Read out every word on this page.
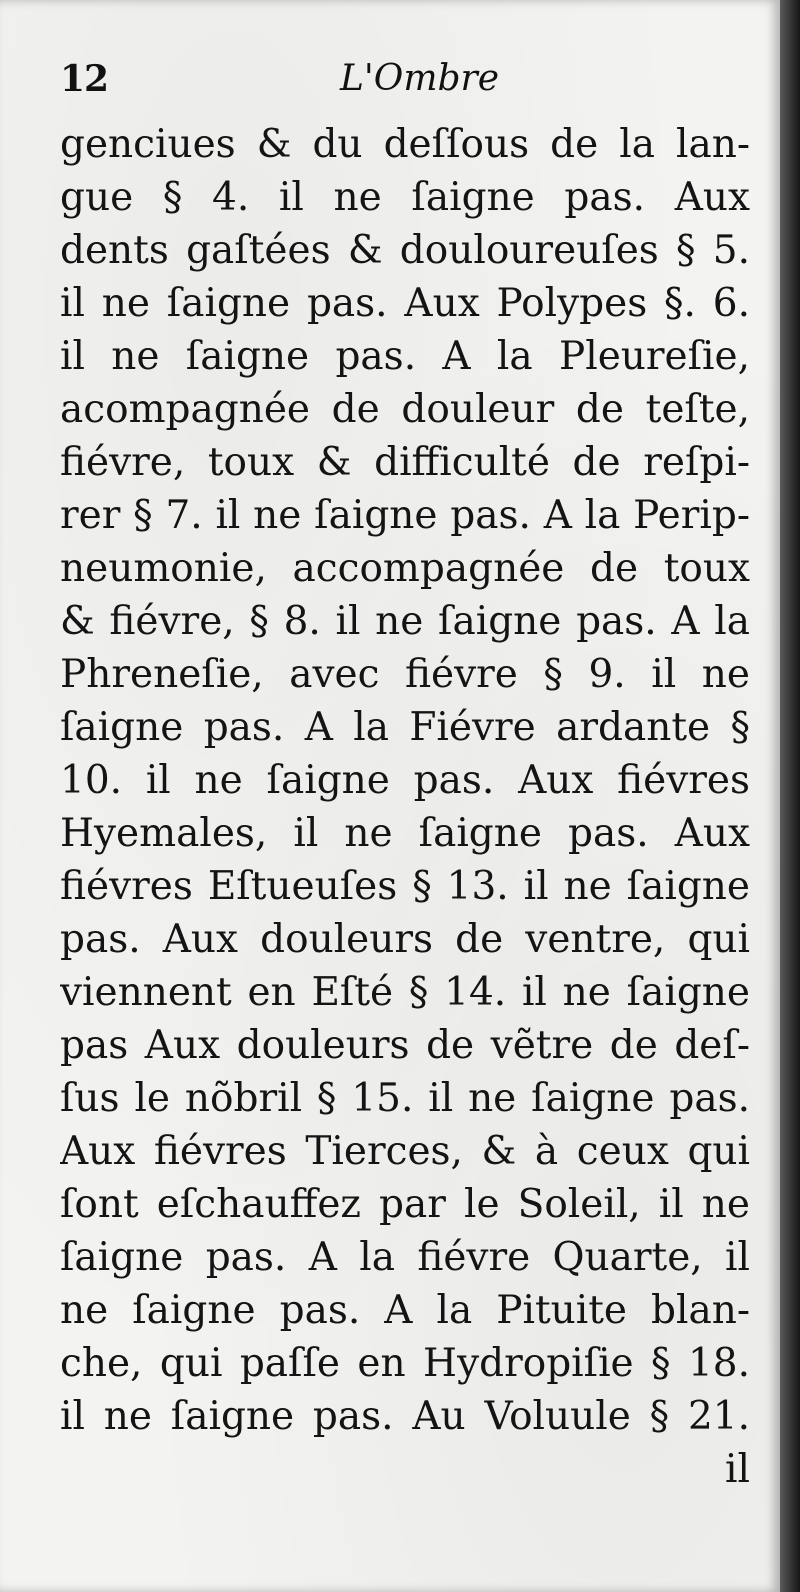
12	L'Ombre
genciues & du deſſous de la lan-
gue § 4. il ne ſaigne pas. Aux
dents gaſtées & douloureuſes § 5.
il ne ſaigne pas. Aux Polypes §. 6.
il ne ſaigne pas. A la Pleureſie,
acompagnée de douleur de teſte,
fiévre, toux & difficulté de reſpi-
rer § 7. il ne ſaigne pas. A la Perip-
neumonie, accompagnée de toux
& fiévre, § 8. il ne ſaigne pas. A la
Phreneſie, avec fiévre § 9. il ne
ſaigne pas. A la Fiévre ardante §
10. il ne ſaigne pas. Aux fiévres
Hyemales, il ne ſaigne pas. Aux
fiévres Eſtueuſes § 13. il ne ſaigne
pas. Aux douleurs de ventre, qui
viennent en Eſté § 14. il ne ſaigne
pas Aux douleurs de vẽtre de deſ-
ſus le nõbril § 15. il ne ſaigne pas.
Aux fiévres Tierces, & à ceux qui
ſont eſchauffez par le Soleil, il ne
ſaigne pas. A la fiévre Quarte, il
ne ſaigne pas. A la Pituite blan-
che, qui paſſe en Hydropiſie § 18.
il ne ſaigne pas. Au Voluule § 21.
il
